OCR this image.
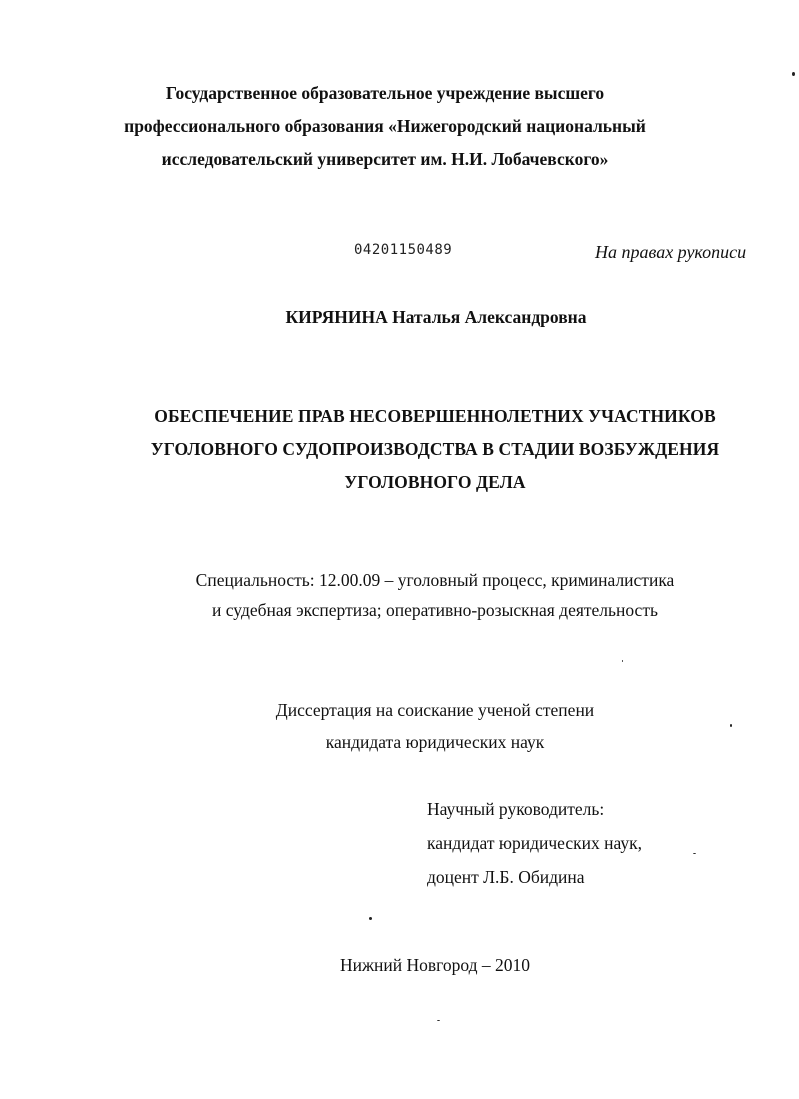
Государственное образовательное учреждение высшего
профессионального образования «Нижегородский национальный
исследовательский университет им. Н.И. Лобачевского»
04201150489	На правах рукописи
КИРЯНИНА Наталья Александровна
ОБЕСПЕЧЕНИЕ ПРАВ НЕСОВЕРШЕННОЛЕТНИХ УЧАСТНИКОВ
УГОЛОВНОГО СУДОПРОИЗВОДСТВА В СТАДИИ ВОЗБУЖДЕНИЯ
УГОЛОВНОГО ДЕЛА
Специальность: 12.00.09 – уголовный процесс, криминалистика
и судебная экспертиза; оперативно-розыскная деятельность
Диссертация на соискание ученой степени
кандидата юридических наук
Научный руководитель:
кандидат юридических наук,
доцент Л.Б. Обидина
Нижний Новгород – 2010
